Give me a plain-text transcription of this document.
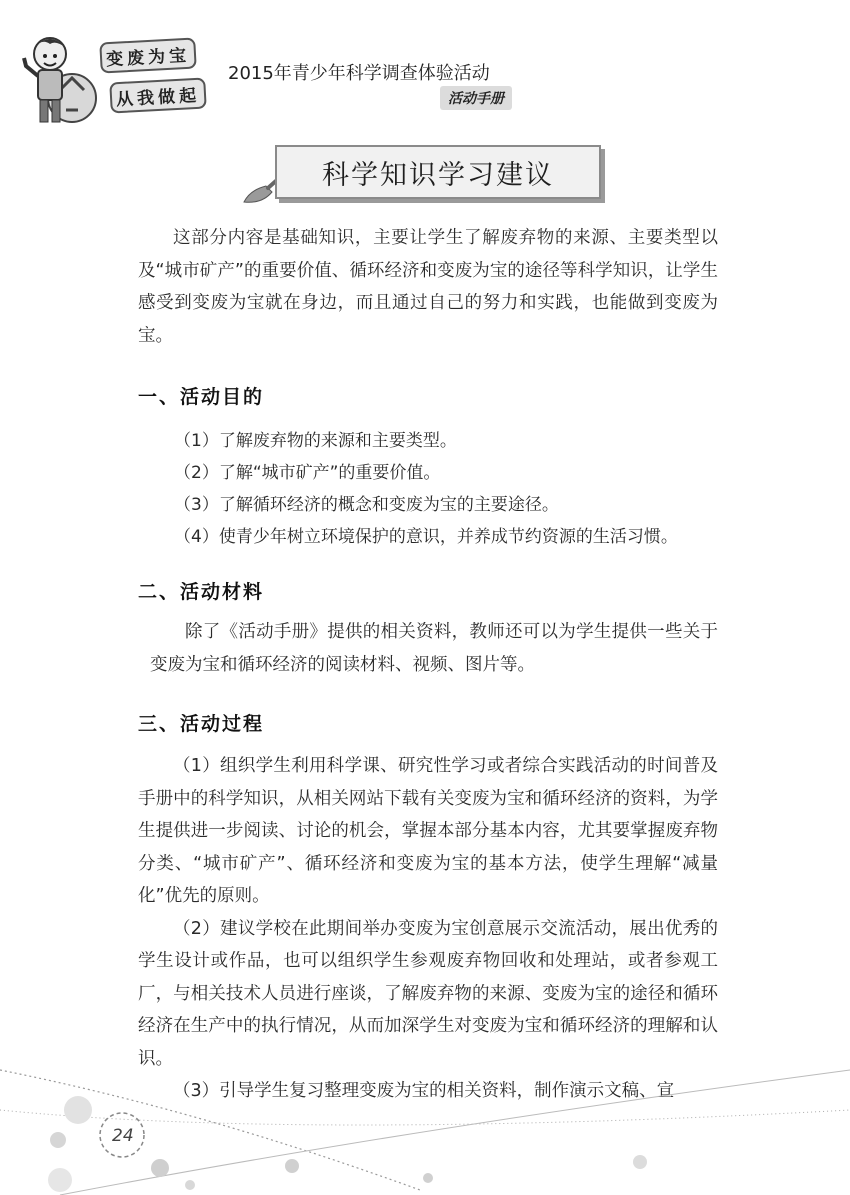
变废为宝
从我做起
2015年青少年科学调查体验活动
活动手册
科学知识学习建议

这部分内容是基础知识，主要让学生了解废弃物的来源、主要类型以及“城市矿产”的重要价值、循环经济和变废为宝的途径等科学知识，让学生感受到变废为宝就在身边，而且通过自己的努力和实践，也能做到变废为宝。

一、活动目的

（1）了解废弃物的来源和主要类型。

（2）了解“城市矿产”的重要价值。

（3）了解循环经济的概念和变废为宝的主要途径。

（4）使青少年树立环境保护的意识，并养成节约资源的生活习惯。

二、活动材料

除了《活动手册》提供的相关资料，教师还可以为学生提供一些关于变废为宝和循环经济的阅读材料、视频、图片等。

三、活动过程

（1）组织学生利用科学课、研究性学习或者综合实践活动的时间普及手册中的科学知识，从相关网站下载有关变废为宝和循环经济的资料，为学生提供进一步阅读、讨论的机会，掌握本部分基本内容，尤其要掌握废弃物分类、“城市矿产”、循环经济和变废为宝的基本方法，使学生理解“减量化”优先的原则。

（2）建议学校在此期间举办变废为宝创意展示交流活动，展出优秀的学生设计或作品，也可以组织学生参观废弃物回收和处理站，或者参观工厂，与相关技术人员进行座谈，了解废弃物的来源、变废为宝的途径和循环经济在生产中的执行情况，从而加深学生对变废为宝和循环经济的理解和认识。

（3）引导学生复习整理变废为宝的相关资料，制作演示文稿、宣

24
